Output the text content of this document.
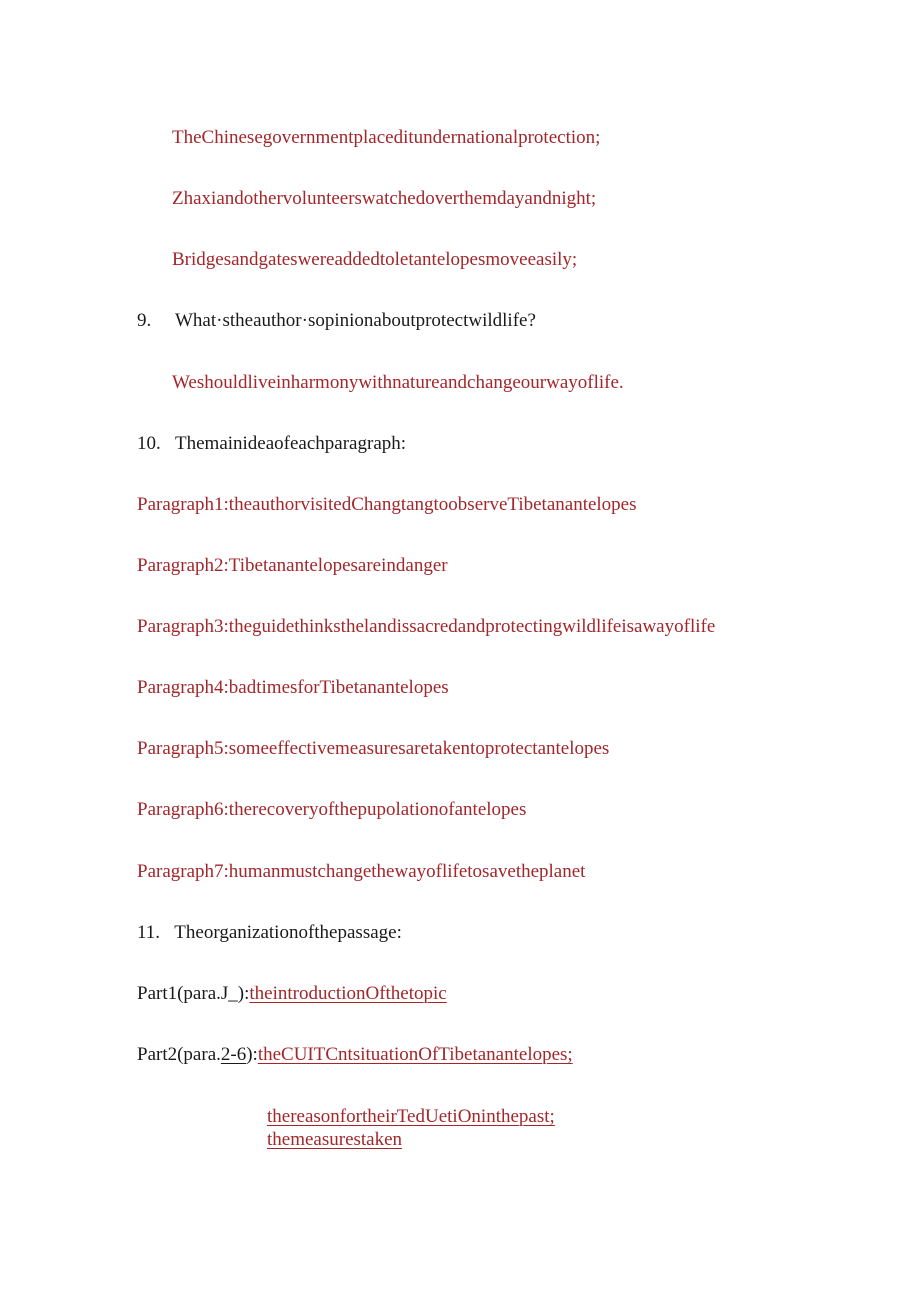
TheChinesegovernmentplaceditundernationalprotection;
Zhaxiandothervolunteerswatchedoverthemdayandnight;
Bridgesandgateswereaddedtoletantelopesmoveeasily;
9. What·stheauthor·sopinionaboutprotectwildlife?
Weshouldliveinharmonywithnatureandchangeourwayoflife.
10. Themainideaofeachparagraph:
Paragraph1:theauthorvisitedChangtangtoobserveTibetanantelopes
Paragraph2:Tibetanantelopesareindanger
Paragraph3:theguidethinksthelandissacredandprotectingwildlifeisawayoflife
Paragraph4:badtimesforTibetanantelopes
Paragraph5:someeffectivemeasuresaretakentoprotectantelopes
Paragraph6:therecoveryofthepupolationofantelopes
Paragraph7:humanmustchangethewayoflifetosavetheplanet
11. Theorganizationofthepassage:
Part1(para.J_):theintroductionOfthetopic
Part2(para.2-6):theCUITCntsituationOfTibetanantelopes;
thereasonfortheirTedUetiOninthepast;
themeasurestaken
